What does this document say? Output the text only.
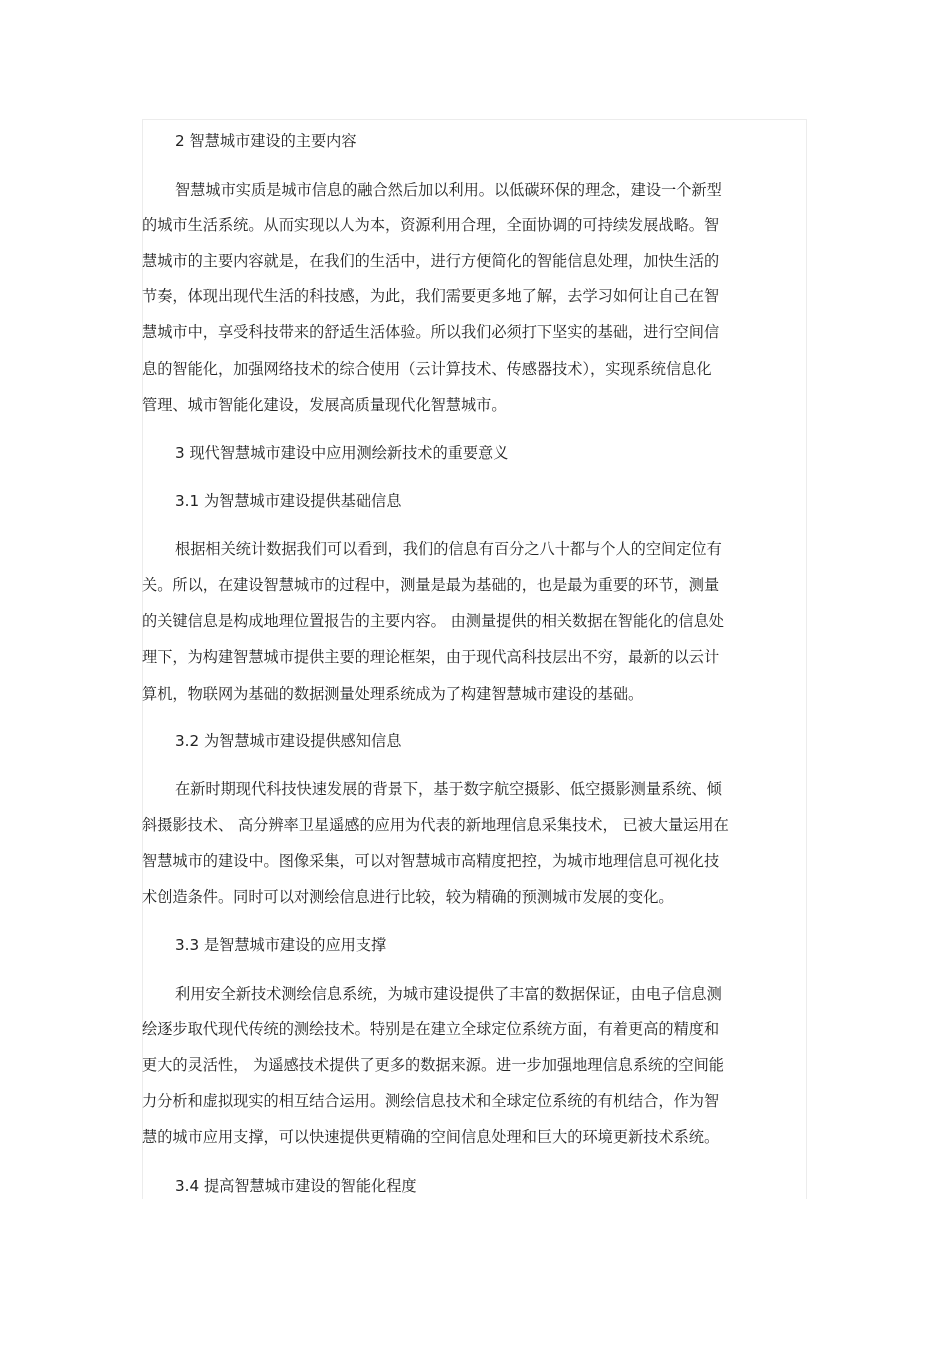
2 智慧城市建设的主要内容
智慧城市实质是城市信息的融合然后加以利用。以低碳环保的理念，建设一个新型
的城市生活系统。从而实现以人为本，资源利用合理，全面协调的可持续发展战略。智
慧城市的主要内容就是，在我们的生活中，进行方便简化的智能信息处理，加快生活的
节奏，体现出现代生活的科技感，为此，我们需要更多地了解，去学习如何让自己在智
慧城市中，享受科技带来的舒适生活体验。所以我们必须打下坚实的基础，进行空间信
息的智能化，加强网络技术的综合使用（云计算技术、传感器技术），实现系统信息化
管理、城市智能化建设，发展高质量现代化智慧城市。
3 现代智慧城市建设中应用测绘新技术的重要意义
3.1 为智慧城市建设提供基础信息
根据相关统计数据我们可以看到，我们的信息有百分之八十都与个人的空间定位有
关。所以，在建设智慧城市的过程中，测量是最为基础的，也是最为重要的环节，测量
的关键信息是构成地理位置报告的主要内容。 由测量提供的相关数据在智能化的信息处
理下，为构建智慧城市提供主要的理论框架，由于现代高科技层出不穷，最新的以云计
算机，物联网为基础的数据测量处理系统成为了构建智慧城市建设的基础。
3.2 为智慧城市建设提供感知信息
在新时期现代科技快速发展的背景下，基于数字航空摄影、低空摄影测量系统、倾
斜摄影技术、 高分辨率卫星遥感的应用为代表的新地理信息采集技术， 已被大量运用在
智慧城市的建设中。图像采集，可以对智慧城市高精度把控，为城市地理信息可视化技
术创造条件。同时可以对测绘信息进行比较，较为精确的预测城市发展的变化。
3.3 是智慧城市建设的应用支撑
利用安全新技术测绘信息系统，为城市建设提供了丰富的数据保证，由电子信息测
绘逐步取代现代传统的测绘技术。特别是在建立全球定位系统方面，有着更高的精度和
更大的灵活性， 为遥感技术提供了更多的数据来源。进一步加强地理信息系统的空间能
力分析和虚拟现实的相互结合运用。测绘信息技术和全球定位系统的有机结合，作为智
慧的城市应用支撑，可以快速提供更精确的空间信息处理和巨大的环境更新技术系统。
3.4 提高智慧城市建设的智能化程度
